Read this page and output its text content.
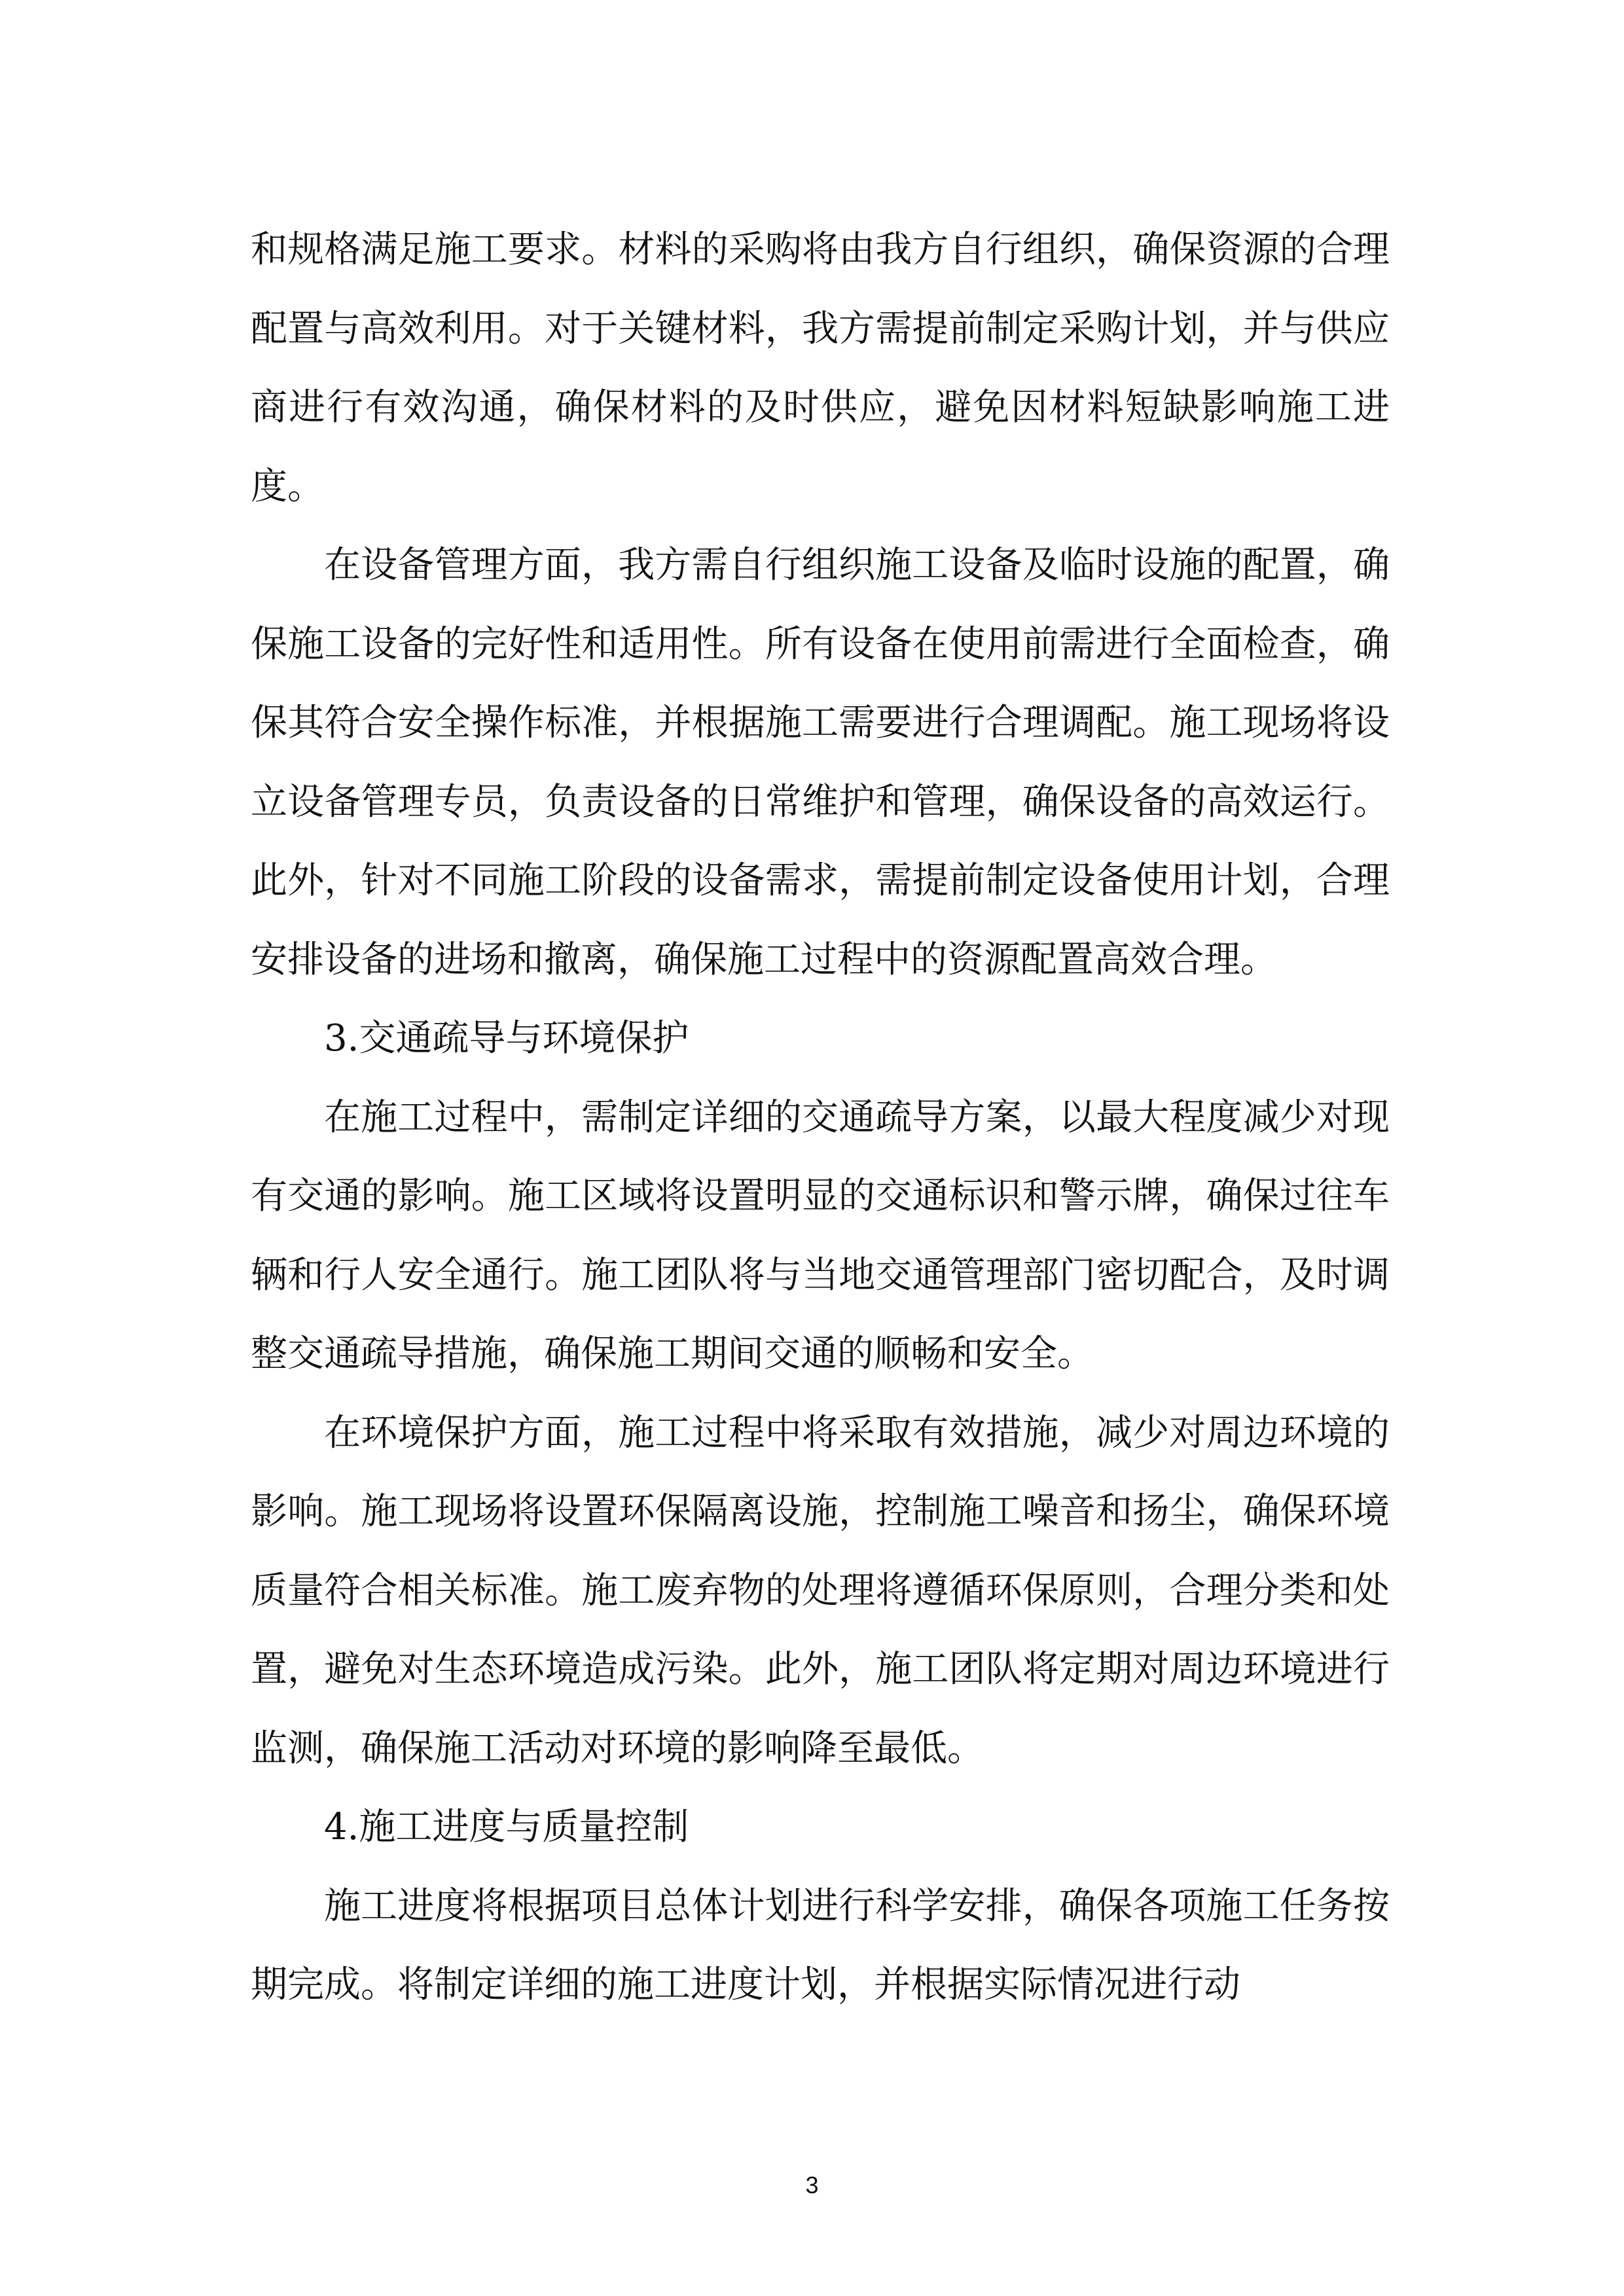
和规格满足施工要求。材料的采购将由我方自行组织，确保资源的合理配置与高效利用。对于关键材料，我方需提前制定采购计划，并与供应商进行有效沟通，确保材料的及时供应，避免因材料短缺影响施工进度。

在设备管理方面，我方需自行组织施工设备及临时设施的配置，确保施工设备的完好性和适用性。所有设备在使用前需进行全面检查，确保其符合安全操作标准，并根据施工需要进行合理调配。施工现场将设立设备管理专员，负责设备的日常维护和管理，确保设备的高效运行。此外，针对不同施工阶段的设备需求，需提前制定设备使用计划，合理安排设备的进场和撤离，确保施工过程中的资源配置高效合理。

3.交通疏导与环境保护

在施工过程中，需制定详细的交通疏导方案，以最大程度减少对现有交通的影响。施工区域将设置明显的交通标识和警示牌，确保过往车辆和行人安全通行。施工团队将与当地交通管理部门密切配合，及时调整交通疏导措施，确保施工期间交通的顺畅和安全。

在环境保护方面，施工过程中将采取有效措施，减少对周边环境的影响。施工现场将设置环保隔离设施，控制施工噪音和扬尘，确保环境质量符合相关标准。施工废弃物的处理将遵循环保原则，合理分类和处置，避免对生态环境造成污染。此外，施工团队将定期对周边环境进行监测，确保施工活动对环境的影响降至最低。

4.施工进度与质量控制

施工进度将根据项目总体计划进行科学安排，确保各项施工任务按期完成。将制定详细的施工进度计划，并根据实际情况进行动

3
